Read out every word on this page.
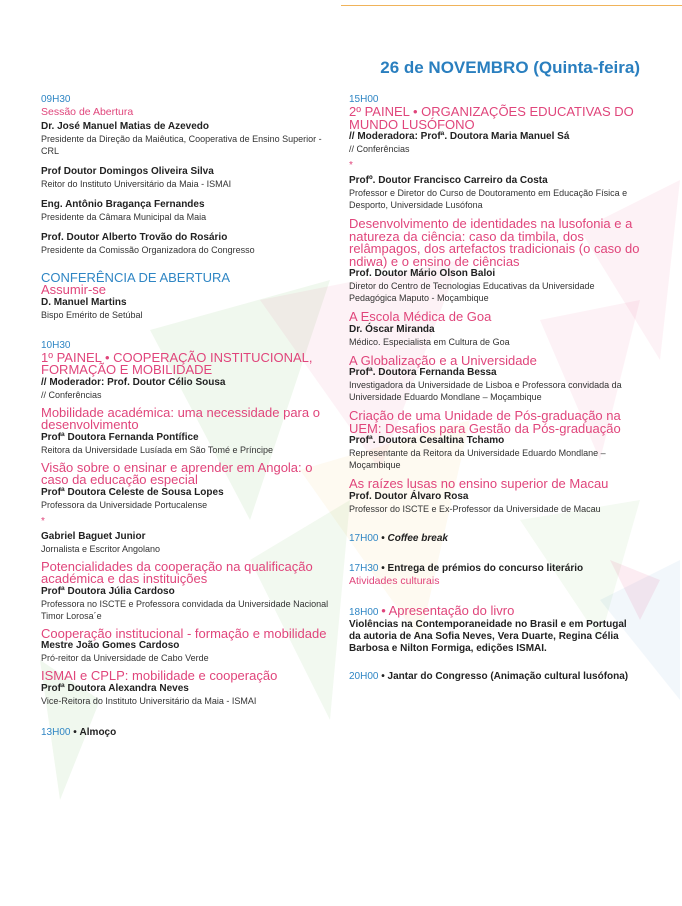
26 de NOVEMBRO (Quinta-feira)
09H30
Sessão de Abertura
Dr. José Manuel Matias de Azevedo
Presidente da Direção da Maiêutica, Cooperativa de Ensino Superior - CRL
Prof Doutor Domingos Oliveira Silva
Reitor do Instituto Universitário da Maia - ISMAI
Eng. Antônio Bragança Fernandes
Presidente da Câmara Municipal da Maia
Prof. Doutor Alberto Trovão do Rosário
Presidente da Comissão Organizadora do Congresso
CONFERÊNCIA DE ABERTURA
Assumir-se
D. Manuel Martins
Bispo Emérito de Setúbal
10H30
1º PAINEL • COOPERAÇÃO INSTITUCIONAL, FORMAÇÃO E MOBILIDADE
// Moderador: Prof. Doutor Célio Sousa
// Conferências
Mobilidade académica: uma necessidade para o desenvolvimento
Profª Doutora Fernanda Pontífice
Reitora da Universidade Lusíada em São Tomé e Príncipe
Visão sobre o ensinar e aprender em Angola: o caso da educação especial
Profª Doutora Celeste de Sousa Lopes
Professora da Universidade Portucalense
*
Gabriel Baguet Junior
Jornalista e Escritor Angolano
Potencialidades da cooperação na qualificação académica e das instituições
Profª Doutora Júlia Cardoso
Professora no ISCTE e Professora convidada da Universidade Nacional Timor Lorosa´e
Cooperação institucional - formação e mobilidade
Mestre João Gomes Cardoso
Pró-reitor da Universidade de Cabo Verde
ISMAI e CPLP: mobilidade e cooperação
Profª Doutora Alexandra Neves
Vice-Reitora do Instituto Universitário da Maia - ISMAI
13H00 • Almoço
15H00
2º PAINEL • ORGANIZAÇÕES EDUCATIVAS DO MUNDO LUSÓFONO
// Moderadora: Profª. Doutora Maria Manuel Sá
// Conferências
*
Profº. Doutor Francisco Carreiro da Costa
Professor e Diretor do Curso de Doutoramento em Educação Física e Desporto, Universidade Lusófona
Desenvolvimento de identidades na lusofonia e a natureza da ciência: caso da timbila, dos relâmpagos, dos artefactos tradicionais (o caso do ndiwa) e o ensino de ciências
Prof. Doutor Mário Olson Baloi
Diretor do Centro de Tecnologias Educativas da Universidade Pedagógica Maputo - Moçambique
A Escola Médica de Goa
Dr. Óscar Miranda
Médico. Especialista em Cultura de Goa
A Globalização e a Universidade
Profª. Doutora Fernanda Bessa
Investigadora da Universidade de Lisboa e Professora convidada da Universidade Eduardo Mondlane – Moçambique
Criação de uma Unidade de Pós-graduação na UEM: Desafios para Gestão da Pós-graduação
Profª. Doutora Cesaltina Tchamo
Representante da Reitora da Universidade Eduardo Mondlane – Moçambique
As raízes lusas no ensino superior de Macau
Prof. Doutor Álvaro Rosa
Professor do ISCTE e Ex-Professor da Universidade de Macau
17H00 • Coffee break
17H30 • Entrega de prémios do concurso literário
Atividades culturais
18H00 • Apresentação do livro
Violências na Contemporaneidade no Brasil e em Portugal da autoria de Ana Sofia Neves, Vera Duarte, Regina Célia Barbosa e Nilton Formiga, edições ISMAI.
20H00 • Jantar do Congresso (Animação cultural lusófona)
